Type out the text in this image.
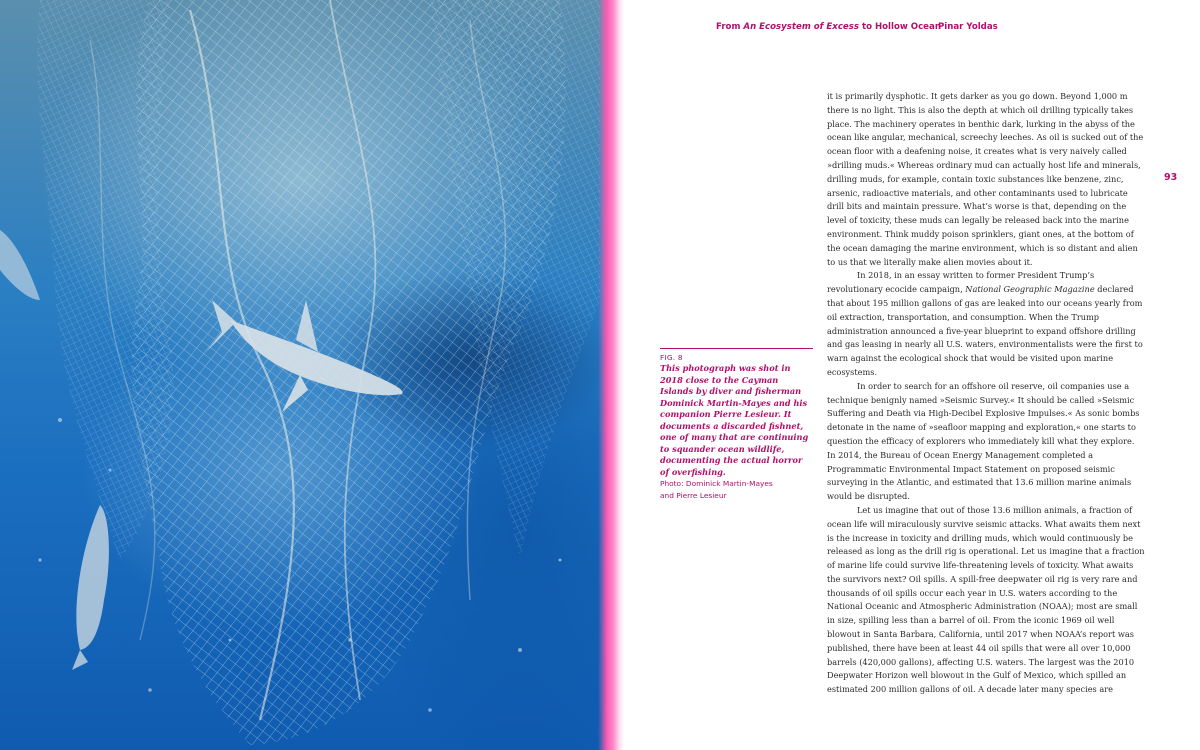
From An Ecosystem of Excess to Hollow Ocean
Pinar Yoldas
93
FIG. 8
This photograph was shot in 2018 close to the Cayman Islands by diver and fisherman Dominick Martin-Mayes and his companion Pierre Lesieur. It documents a discarded fishnet, one of many that are continuing to squander ocean wildlife, documenting the actual horror of overfishing.
Photo: Dominick Martin-Mayes and Pierre Lesieur

it is primarily dysphotic. It gets darker as you go down. Beyond 1,000 m there is no light. This is also the depth at which oil drilling typically takes place. The machinery operates in benthic dark, lurking in the abyss of the ocean like angular, mechanical, screechy leeches. As oil is sucked out of the ocean floor with a deafening noise, it creates what is very naively called »drilling muds.« Whereas ordinary mud can actually host life and minerals, drilling muds, for example, contain toxic substances like benzene, zinc, arsenic, radioactive materials, and other contaminants used to lubricate drill bits and maintain pressure. What’s worse is that, depending on the level of toxicity, these muds can legally be released back into the marine environment. Think muddy poison sprinklers, giant ones, at the bottom of the ocean damaging the marine environment, which is so distant and alien to us that we literally make alien movies about it.

In 2018, in an essay written to former President Trump’s revolutionary ecocide campaign, National Geographic Magazine declared that about 195 million gallons of gas are leaked into our oceans yearly from oil extraction, transportation, and consumption. When the Trump administration announced a five-year blueprint to expand offshore drilling and gas leasing in nearly all U.S. waters, environmentalists were the first to warn against the ecological shock that would be visited upon marine ecosystems.

In order to search for an offshore oil reserve, oil companies use a technique benignly named »Seismic Survey.« It should be called »Seismic Suffering and Death via High-Decibel Explosive Impulses.« As sonic bombs detonate in the name of »seafloor mapping and exploration,« one starts to question the efficacy of explorers who immediately kill what they explore. In 2014, the Bureau of Ocean Energy Management completed a Programmatic Environmental Impact Statement on proposed seismic surveying in the Atlantic, and estimated that 13.6 million marine animals would be disrupted.

Let us imagine that out of those 13.6 million animals, a fraction of ocean life will miraculously survive seismic attacks. What awaits them next is the increase in toxicity and drilling muds, which would continuously be released as long as the drill rig is operational. Let us imagine that a fraction of marine life could survive life-threatening levels of toxicity. What awaits the survivors next? Oil spills. A spill-free deepwater oil rig is very rare and thousands of oil spills occur each year in U.S. waters according to the National Oceanic and Atmospheric Administration (NOAA); most are small in size, spilling less than a barrel of oil. From the iconic 1969 oil well blowout in Santa Barbara, California, until 2017 when NOAA’s report was published, there have been at least 44 oil spills that were all over 10,000 barrels (420,000 gallons), affecting U.S. waters. The largest was the 2010 Deepwater Horizon well blowout in the Gulf of Mexico, which spilled an estimated 200 million gallons of oil. A decade later many species are
